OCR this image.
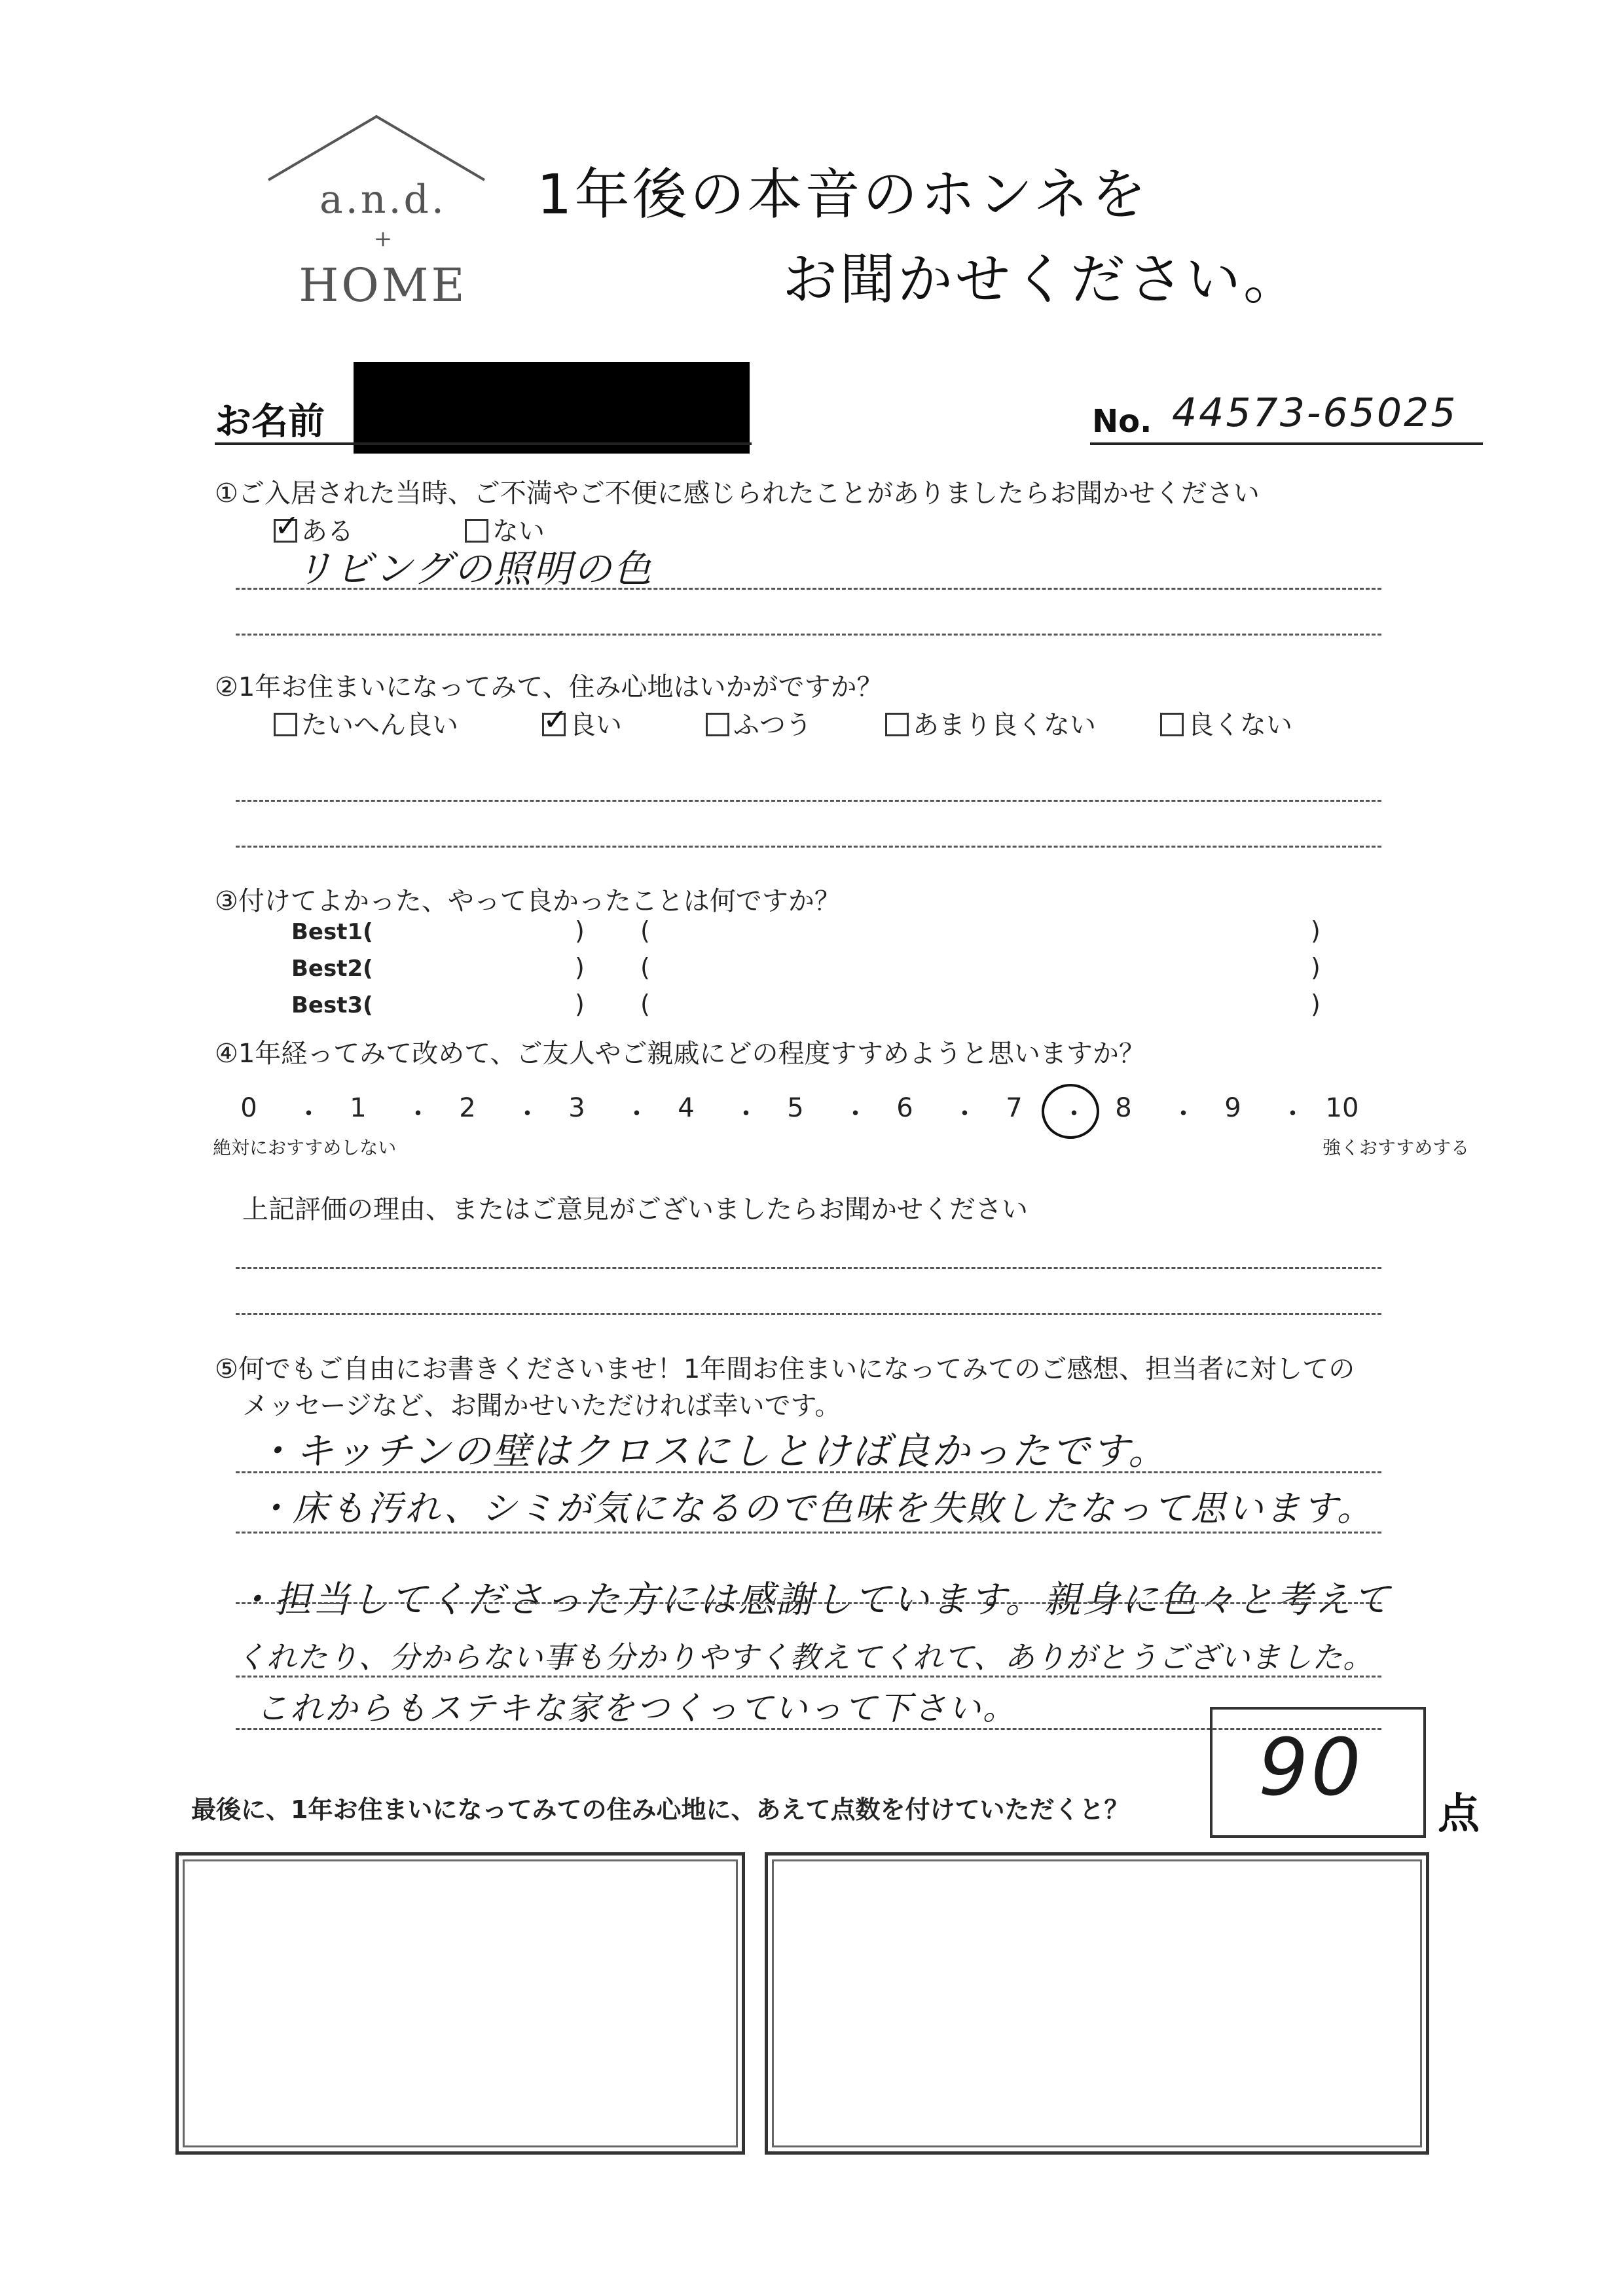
a.n.d.
+
HOME
1年後の本音のホンネを
お聞かせください。
お名前	No. 44573-65025
①ご入居された当時、ご不満やご不便に感じられたことがありましたらお聞かせください
✓ある	ない
リビングの照明の色
②1年お住まいになってみて、住み心地はいかがですか？
たいへん良い
✓	良い	ふつう	あまり良くない	良くない
③付けてよかった、やって良かったことは何ですか？
Best1(
Best2(
Best3(
) (	)
) (	)
) (	)
④1年経ってみて改めて、ご友人やご親戚にどの程度すすめようと思いますか？
0	・	1	・	2	・	3	・	4	・	5	・	6	・	7	・	8	・	9	・ 10
絶対におすすめしない	強くおすすめする
上記評価の理由、またはご意見がございましたらお聞かせください
⑤何でもご自由にお書きくださいませ！1年間お住まいになってみてのご感想、担当者に対しての
メッセージなど、お聞かせいただければ幸いです。
・キッチンの壁はクロスにしとけば良かったです。
・床も汚れ、シミが気になるので色味を失敗したなって思います。
・担当してくださった方には感謝しています。親身に色々と考えて
くれたり、分からない事も分かりやすく教えてくれて、ありがとうございました。
これからもステキな家をつくっていって下さい。
最後に、1年お住まいになってみての住み心地に、あえて点数を付けていただくと？ 90
点
